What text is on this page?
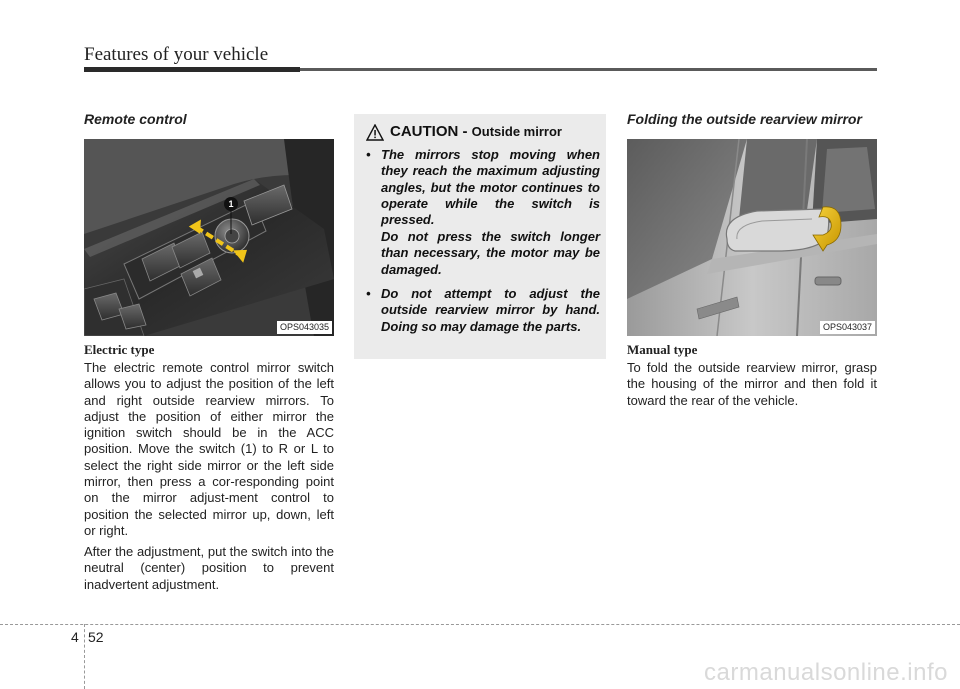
Features of your vehicle
Remote control
1
OPS043035
Electric type

The electric remote control mirror switch allows you to adjust the position of the left and right outside rearview mirrors. To adjust the position of either mirror the ignition switch should be in the ACC position. Move the switch (1) to R or L to select the right side mirror or the left side mirror, then press a cor-responding point on the mirror adjust-ment control to position the selected mirror up, down, left or right.

After the adjustment, put the switch into the neutral (center) position to prevent inadvertent adjustment.

CAUTION - Outside mirror
• The mirrors stop moving when they reach the maximum adjusting angles, but the motor continues to operate while the switch is pressed.
Do not press the switch longer than necessary, the motor may be damaged.
• Do not attempt to adjust the outside rearview mirror by hand. Doing so may damage the parts.
Folding the outside rearview mirror
OPS043037
Manual type

To fold the outside rearview mirror, grasp the housing of the mirror and then fold it toward the rear of the vehicle.

4 52
carmanualsonline.info
